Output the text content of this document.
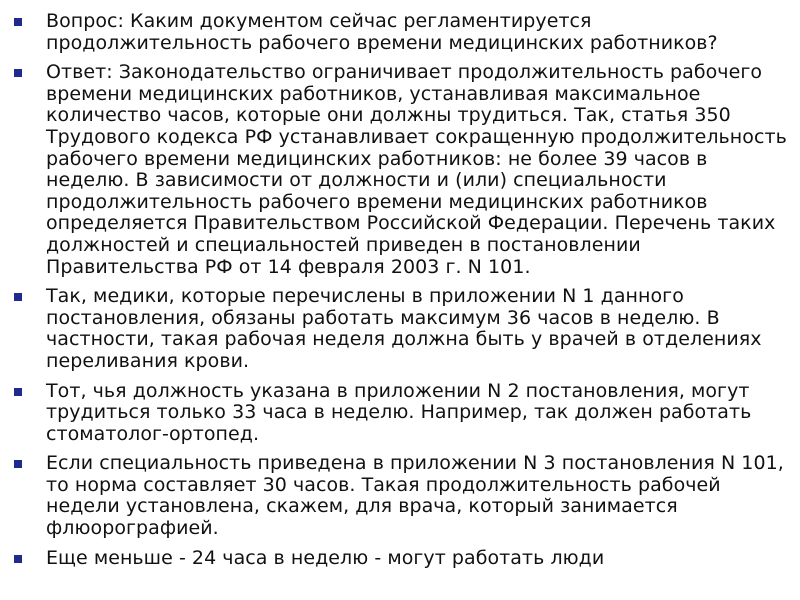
Вопрос: Каким документом сейчас регламентируется продолжительность рабочего времени медицинских работников?
Ответ: Законодательство ограничивает продолжительность рабочего времени медицинских работников, устанавливая максимальное количество часов, которые они должны трудиться. Так, статья 350 Трудового кодекса РФ устанавливает сокращенную продолжительность рабочего времени медицинских работников: не более 39 часов в неделю. В зависимости от должности и (или) специальности продолжительность рабочего времени медицинских работников определяется Правительством Российской Федерации. Перечень таких должностей и специальностей приведен в постановлении Правительства РФ от 14 февраля 2003 г. N 101.
Так, медики, которые перечислены в приложении N 1 данного постановления, обязаны работать максимум 36 часов в неделю. В частности, такая рабочая неделя должна быть у врачей в отделениях переливания крови.
Тот, чья должность указана в приложении N 2 постановления, могут трудиться только 33 часа в неделю. Например, так должен работать стоматолог-ортопед.
Если специальность приведена в приложении N 3 постановления N 101, то норма составляет 30 часов. Такая продолжительность рабочей недели установлена, скажем, для врача, который занимается флюорографией.
Еще меньше - 24 часа в неделю - могут работать люди
